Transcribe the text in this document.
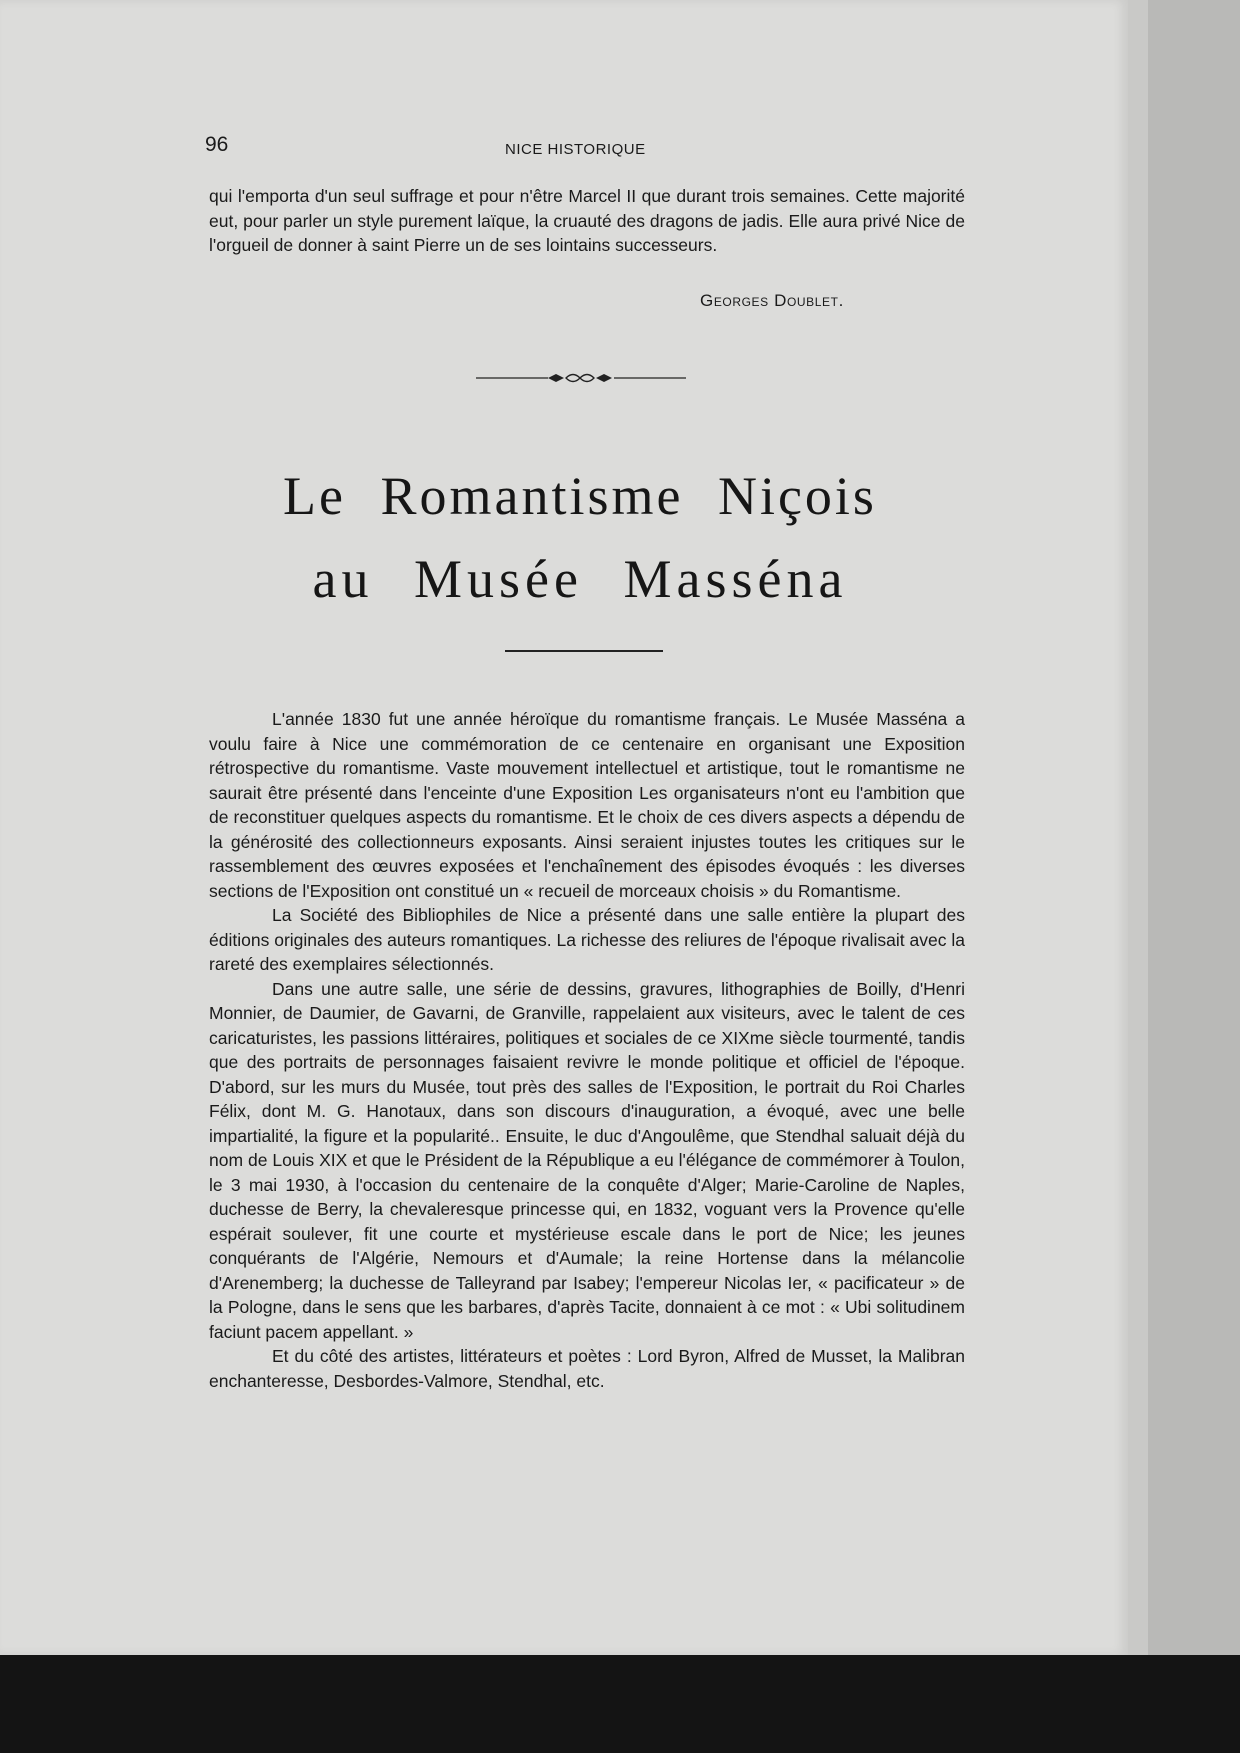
96	NICE HISTORIQUE

qui l'emporta d'un seul suffrage et pour n'être Marcel II que durant trois semaines. Cette majorité eut, pour parler un style purement laïque, la cruauté des dragons de jadis. Elle aura privé Nice de l'orgueil de donner à saint Pierre un de ses lointains successeurs.

Georges Doublet.
Le Romantisme Niçois
au Musée Masséna

L'année 1830 fut une année héroïque du romantisme français. Le Musée Masséna a voulu faire à Nice une commémoration de ce centenaire en organisant une Exposition rétrospective du romantisme. Vaste mouvement intellectuel et artistique, tout le romantisme ne saurait être présenté dans l'enceinte d'une Exposition Les organisateurs n'ont eu l'ambition que de reconstituer quelques aspects du romantisme. Et le choix de ces divers aspects a dépendu de la générosité des collectionneurs exposants. Ainsi seraient injustes toutes les critiques sur le rassemblement des œuvres exposées et l'enchaînement des épisodes évoqués : les diverses sections de l'Exposition ont constitué un « recueil de morceaux choisis » du Romantisme.

La Société des Bibliophiles de Nice a présenté dans une salle entière la plupart des éditions originales des auteurs romantiques. La richesse des reliures de l'époque rivalisait avec la rareté des exemplaires sélectionnés.

Dans une autre salle, une série de dessins, gravures, lithographies de Boilly, d'Henri Monnier, de Daumier, de Gavarni, de Granville, rappelaient aux visiteurs, avec le talent de ces caricaturistes, les passions littéraires, politiques et sociales de ce XIXme siècle tourmenté, tandis que des portraits de personnages faisaient revivre le monde politique et officiel de l'époque. D'abord, sur les murs du Musée, tout près des salles de l'Exposition, le portrait du Roi Charles Félix, dont M. G. Hanotaux, dans son discours d'inauguration, a évoqué, avec une belle impartialité, la figure et la popularité.. Ensuite, le duc d'Angoulême, que Stendhal saluait déjà du nom de Louis XIX et que le Président de la République a eu l'élégance de commémorer à Toulon, le 3 mai 1930, à l'occasion du centenaire de la conquête d'Alger; Marie-Caroline de Naples, duchesse de Berry, la chevaleresque princesse qui, en 1832, voguant vers la Provence qu'elle espérait soulever, fit une courte et mystérieuse escale dans le port de Nice; les jeunes conquérants de l'Algérie, Nemours et d'Aumale; la reine Hortense dans la mélancolie d'Arenemberg; la duchesse de Talleyrand par Isabey; l'empereur Nicolas Ier, « pacificateur » de la Pologne, dans le sens que les barbares, d'après Tacite, donnaient à ce mot : « Ubi solitudinem faciunt pacem appellant. »

Et du côté des artistes, littérateurs et poètes : Lord Byron, Alfred de Musset, la Malibran enchanteresse, Desbordes-Valmore, Stendhal, etc.
